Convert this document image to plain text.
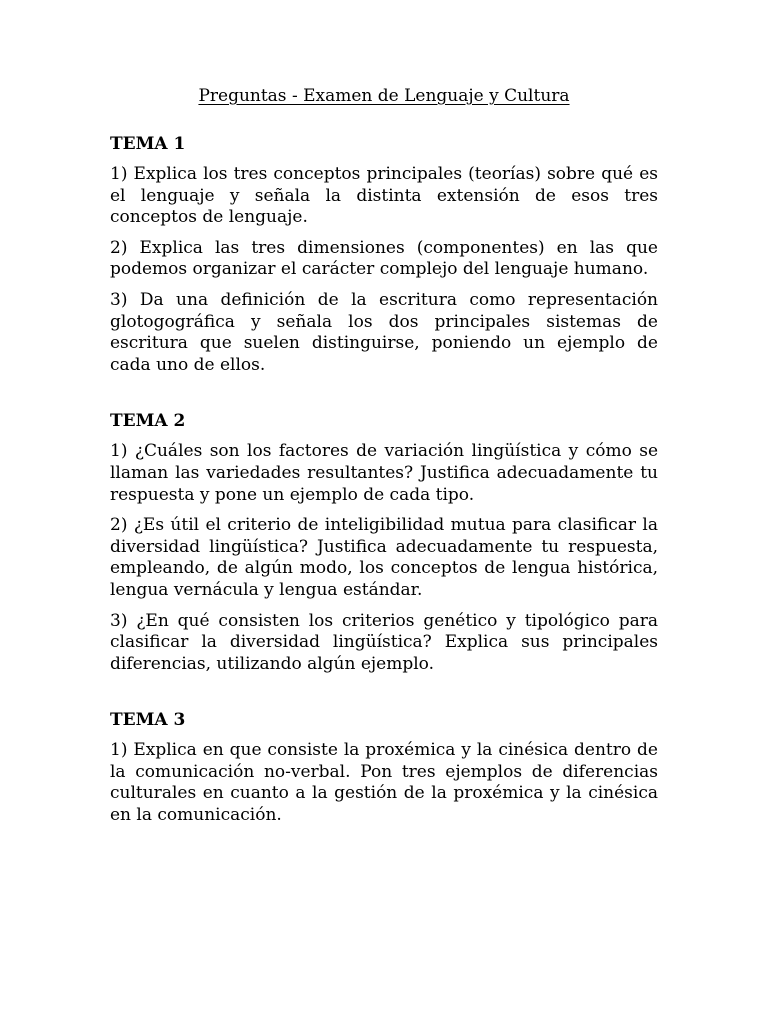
Preguntas - Examen de Lenguaje y Cultura
TEMA 1

1) Explica los tres conceptos principales (teorías) sobre qué es el lenguaje y señala la distinta extensión de esos tres conceptos de lenguaje.

2) Explica las tres dimensiones (componentes) en las que podemos organizar el carácter complejo del lenguaje humano.

3) Da una definición de la escritura como representación glotogográfica y señala los dos principales sistemas de escritura que suelen distinguirse, poniendo un ejemplo de cada uno de ellos.

TEMA 2

1) ¿Cuáles son los factores de variación lingüística y cómo se llaman las variedades resultantes? Justifica adecuadamente tu respuesta y pone un ejemplo de cada tipo.

2) ¿Es útil el criterio de inteligibilidad mutua para clasificar la diversidad lingüística? Justifica adecuadamente tu respuesta, empleando, de algún modo, los conceptos de lengua histórica, lengua vernácula y lengua estándar.

3) ¿En qué consisten los criterios genético y tipológico para clasificar la diversidad lingüística? Explica sus principales diferencias, utilizando algún ejemplo.

TEMA 3

1) Explica en que consiste la proxémica y la cinésica dentro de la comunicación no-verbal. Pon tres ejemplos de diferencias culturales en cuanto a la gestión de la proxémica y la cinésica en la comunicación.
